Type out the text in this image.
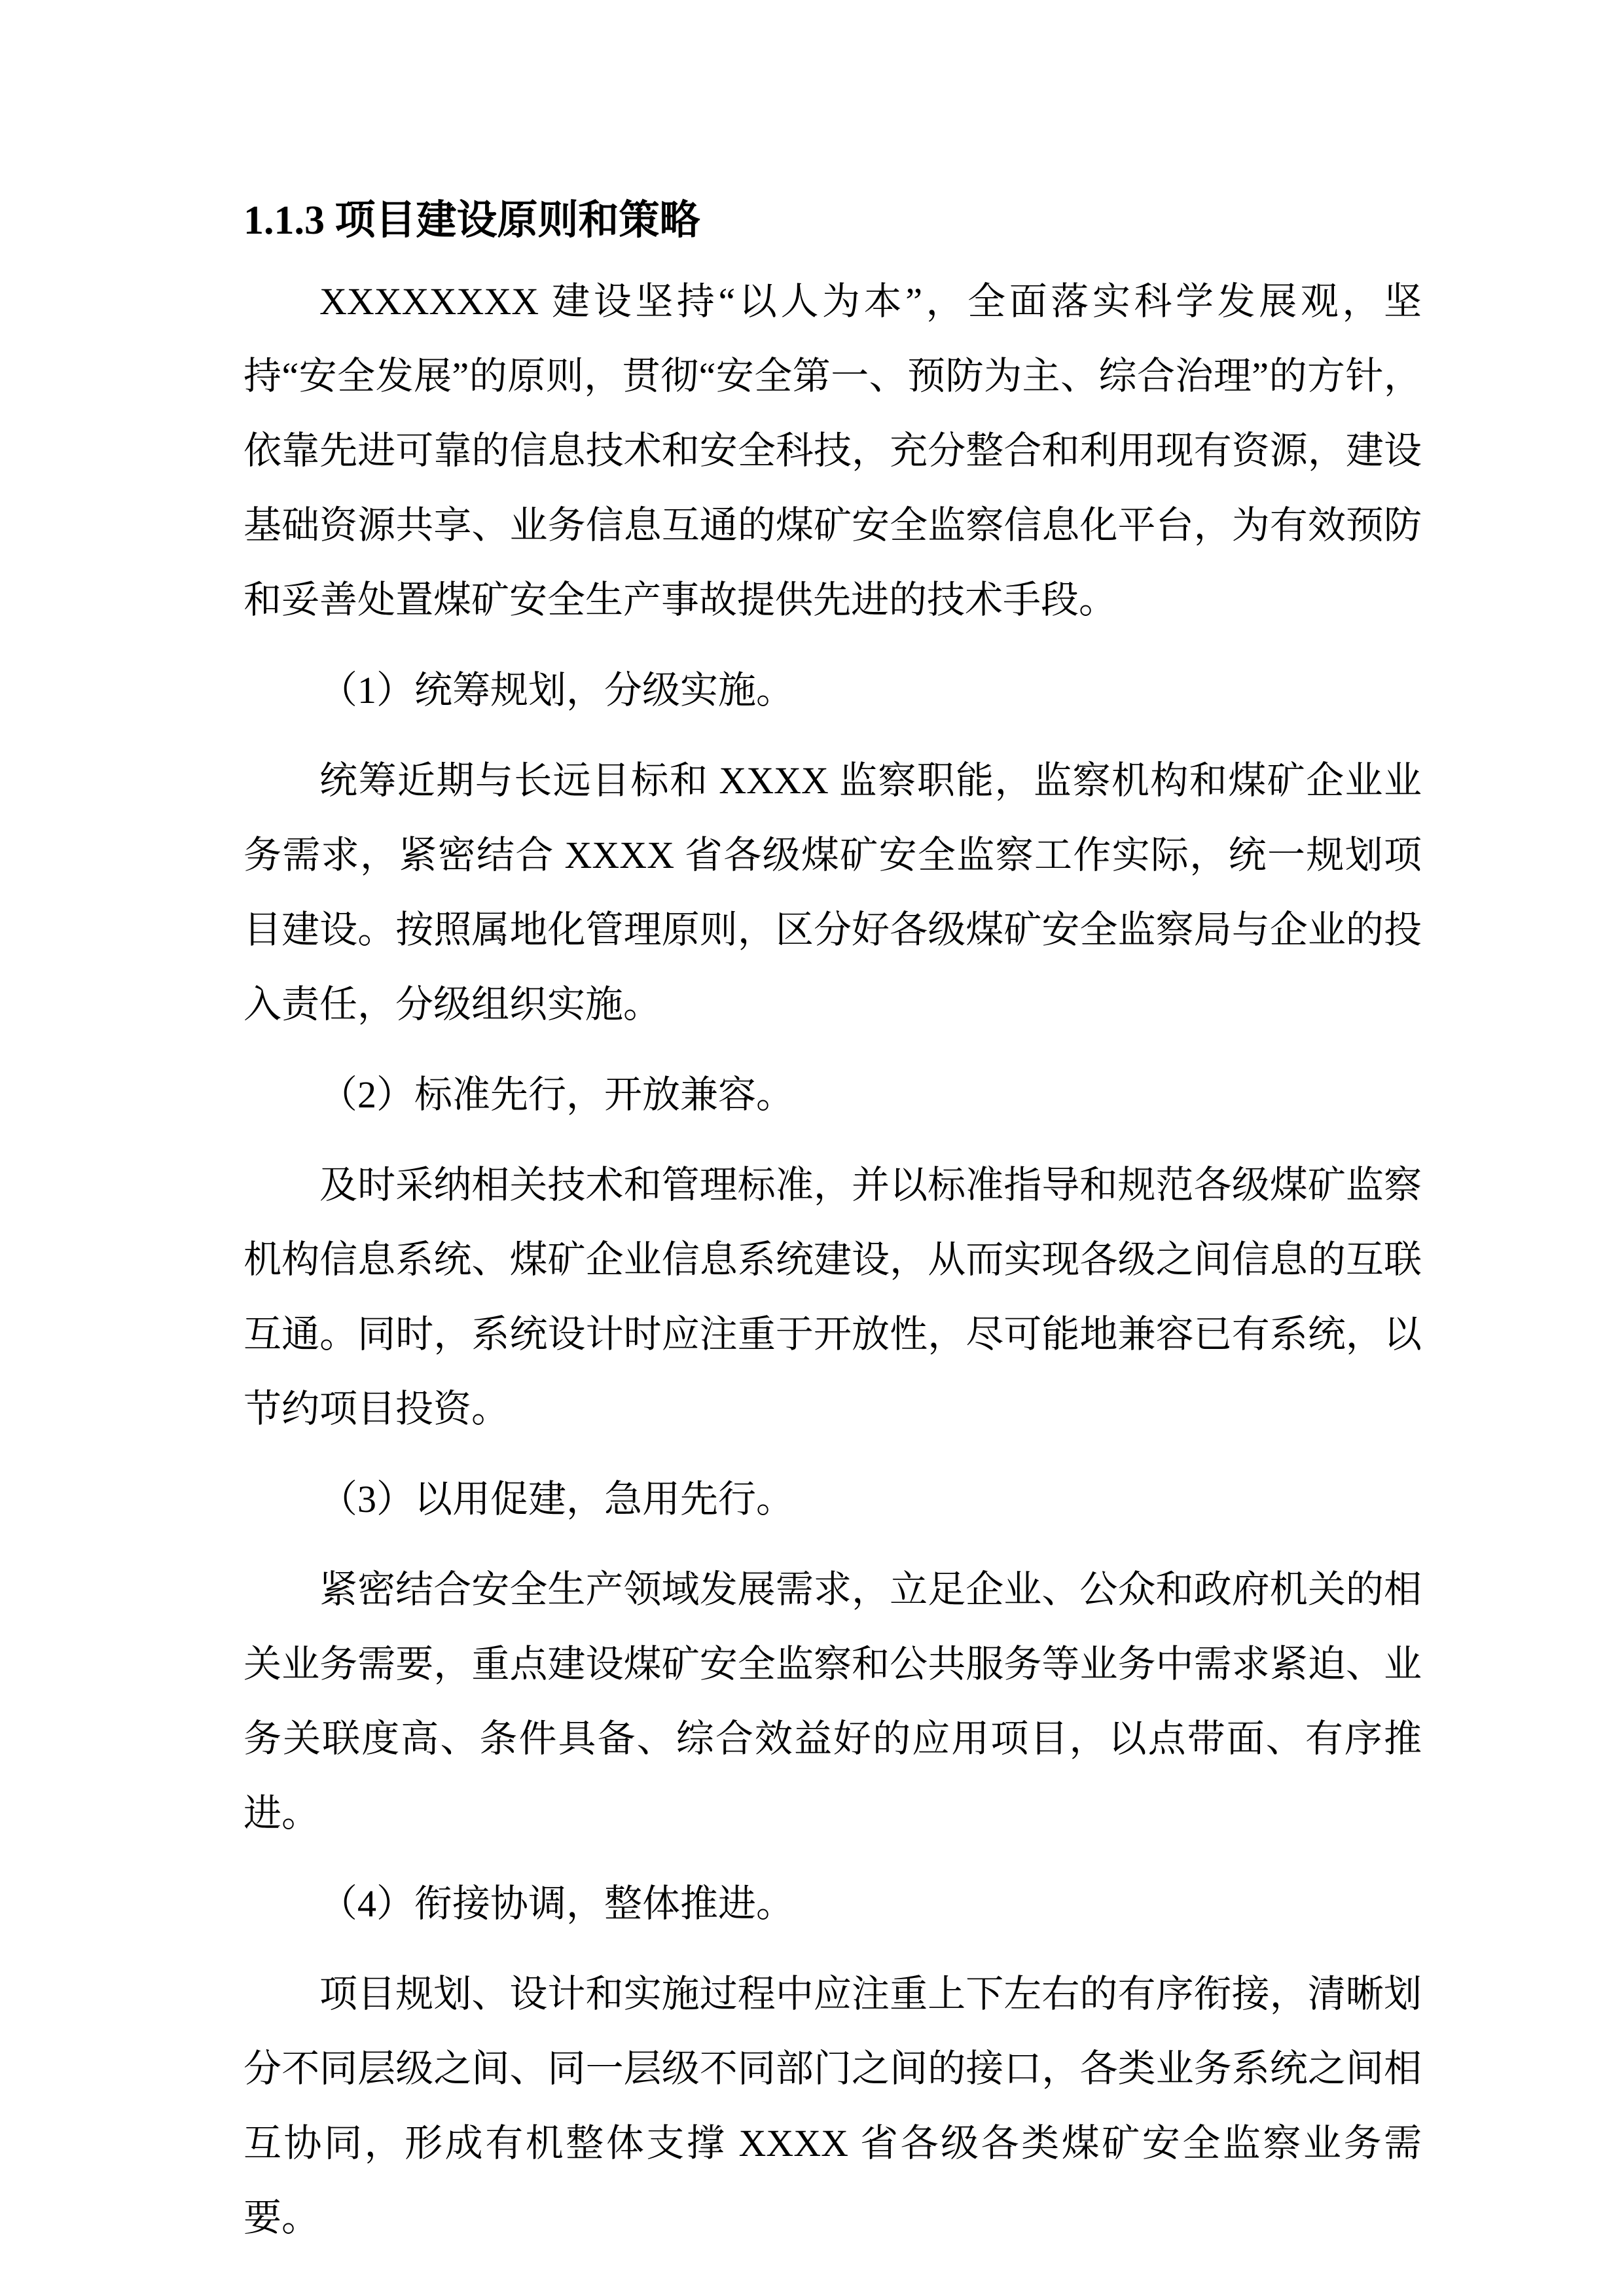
1.1.3 项目建设原则和策略

XXXXXXXX 建设坚持“以人为本”，全面落实科学发展观，坚持“安全发展”的原则，贯彻“安全第一、预防为主、综合治理”的方针，依靠先进可靠的信息技术和安全科技，充分整合和利用现有资源，建设基础资源共享、业务信息互通的煤矿安全监察信息化平台，为有效预防和妥善处置煤矿安全生产事故提供先进的技术手段。

（1）统筹规划，分级实施。

统筹近期与长远目标和 XXXX 监察职能，监察机构和煤矿企业业务需求，紧密结合 XXXX 省各级煤矿安全监察工作实际，统一规划项目建设。按照属地化管理原则，区分好各级煤矿安全监察局与企业的投入责任，分级组织实施。

（2）标准先行，开放兼容。

及时采纳相关技术和管理标准，并以标准指导和规范各级煤矿监察机构信息系统、煤矿企业信息系统建设，从而实现各级之间信息的互联互通。同时，系统设计时应注重于开放性，尽可能地兼容已有系统，以节约项目投资。

（3）以用促建，急用先行。

紧密结合安全生产领域发展需求，立足企业、公众和政府机关的相关业务需要，重点建设煤矿安全监察和公共服务等业务中需求紧迫、业务关联度高、条件具备、综合效益好的应用项目，以点带面、有序推进。

（4）衔接协调，整体推进。

项目规划、设计和实施过程中应注重上下左右的有序衔接，清晰划分不同层级之间、同一层级不同部门之间的接口，各类业务系统之间相互协同，形成有机整体支撑 XXXX 省各级各类煤矿安全监察业务需要。
